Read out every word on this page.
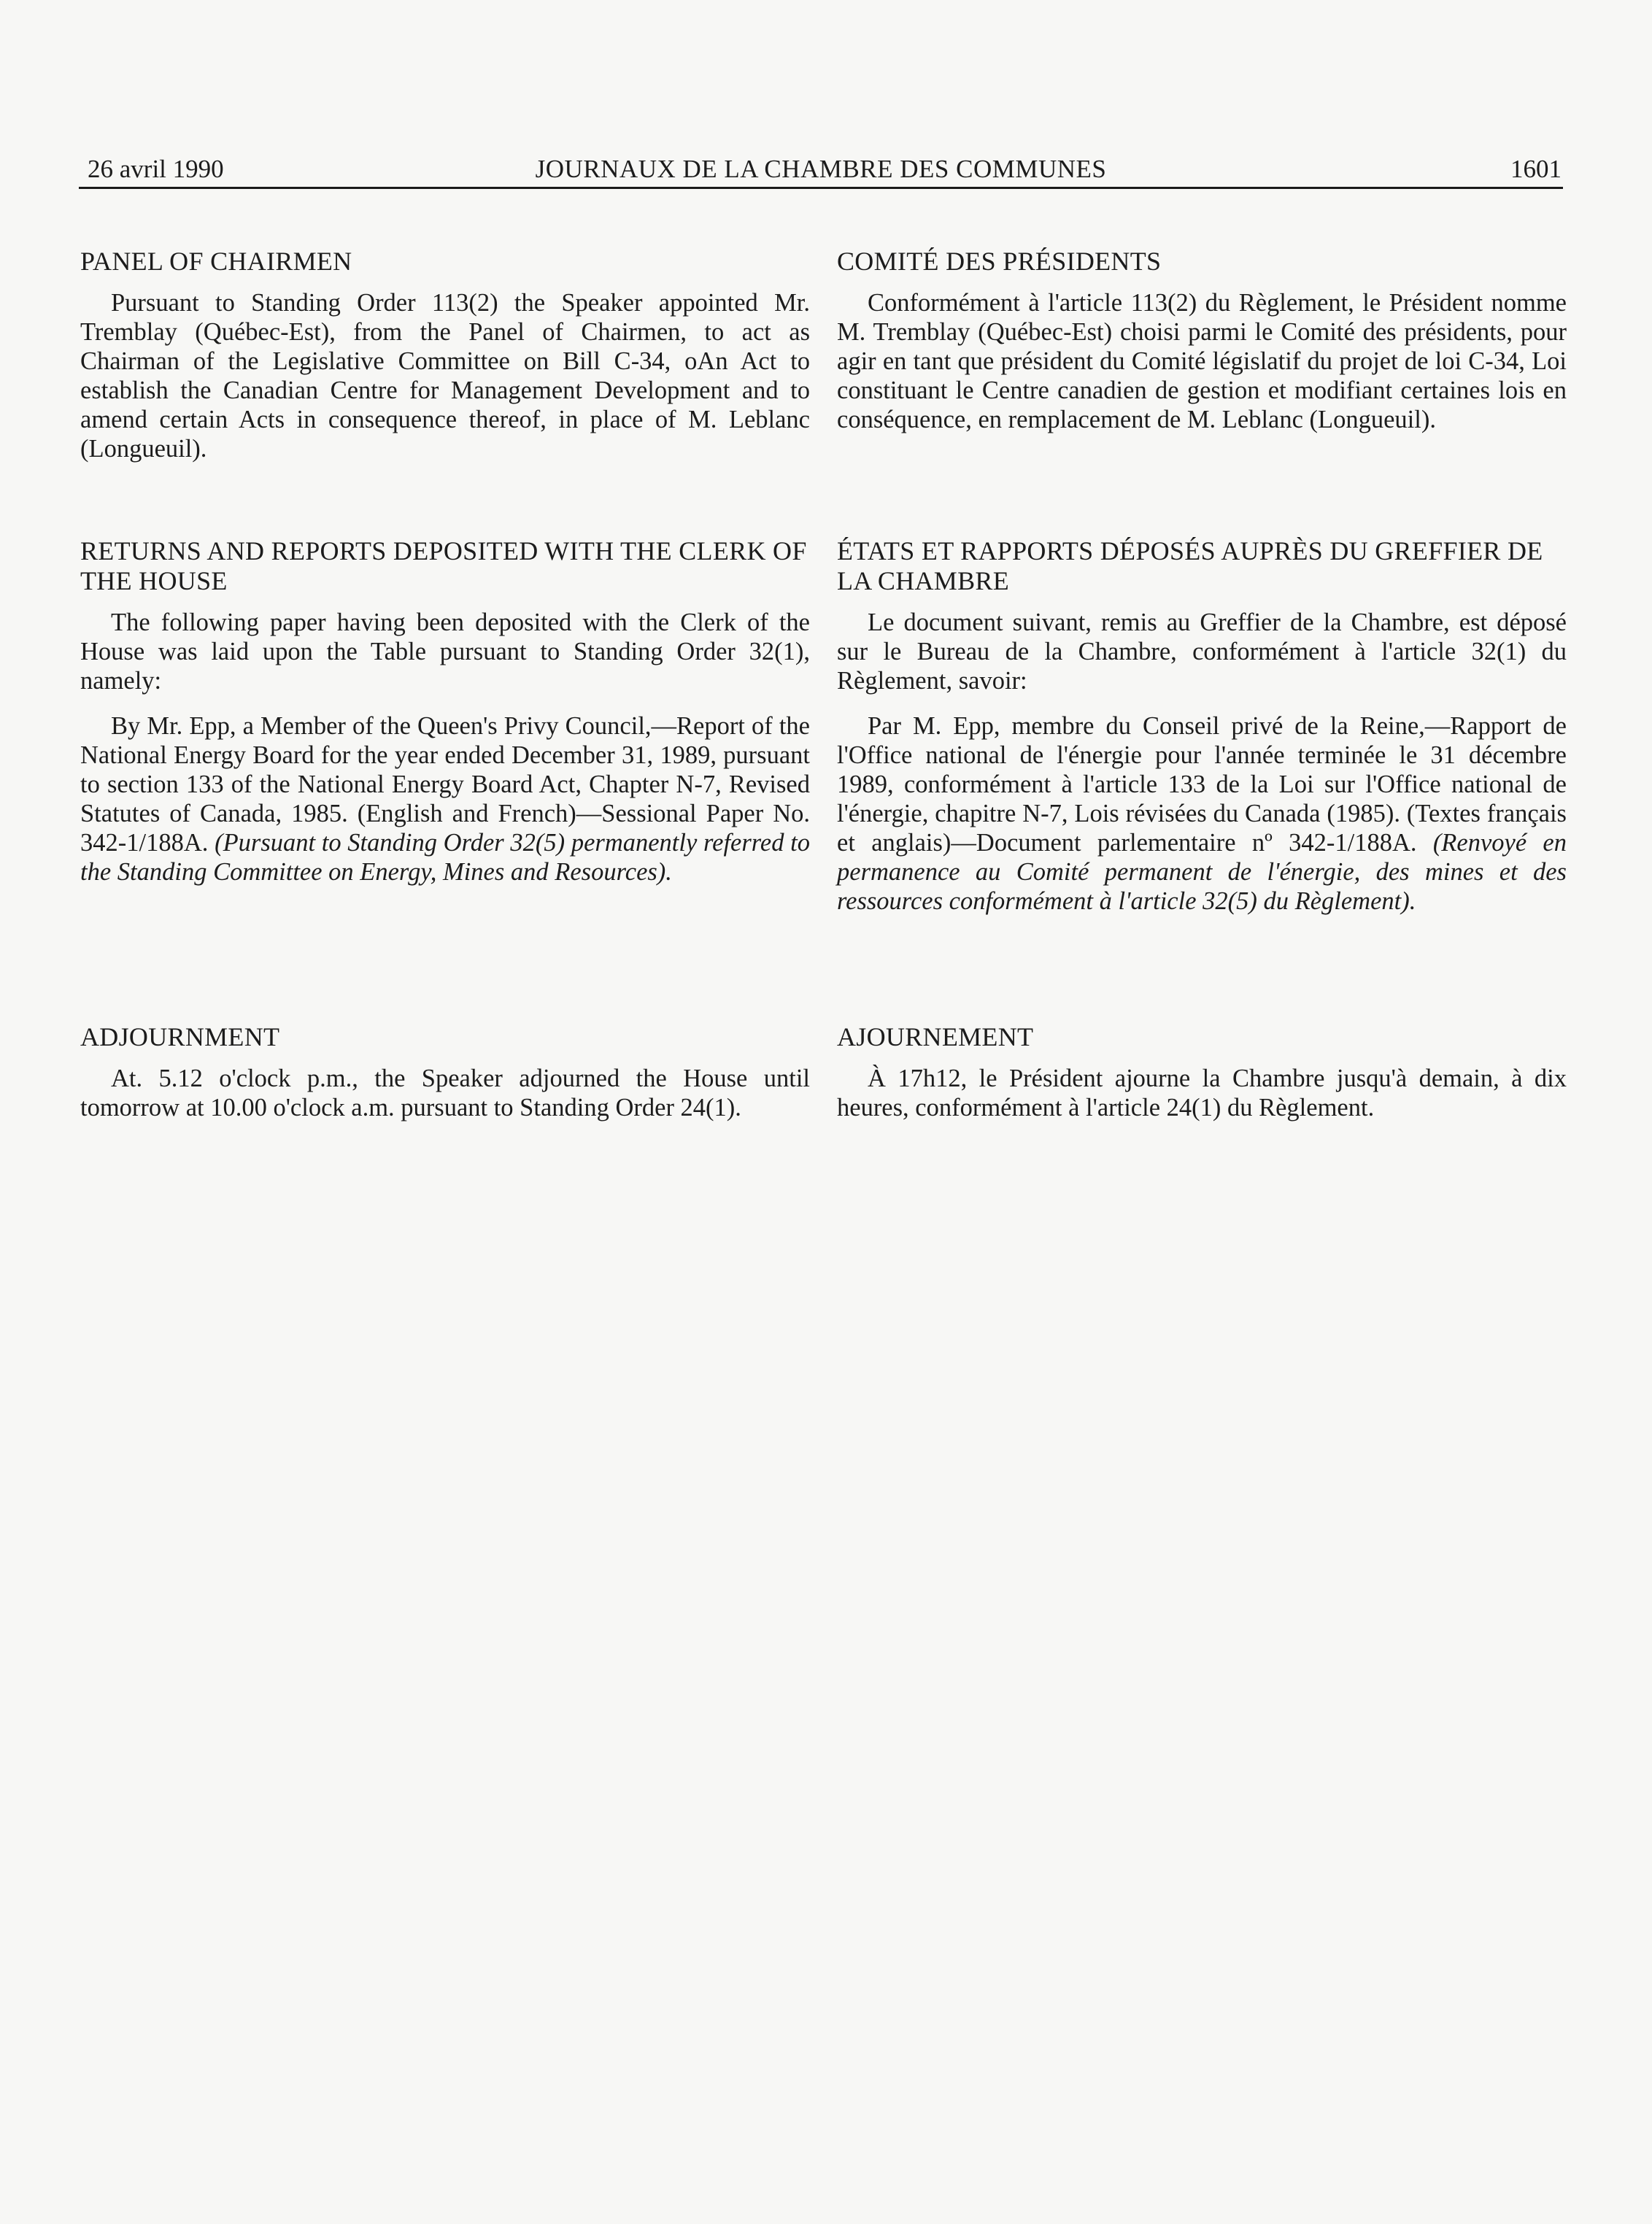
26 avril 1990	JOURNAUX DE LA CHAMBRE DES COMMUNES	1601
PANEL OF CHAIRMEN

Pursuant to Standing Order 113(2) the Speaker appointed Mr. Tremblay (Québec-Est), from the Panel of Chairmen, to act as Chairman of the Legislative Committee on Bill C-34, oAn Act to establish the Canadian Centre for Management Development and to amend certain Acts in consequence thereof, in place of M. Leblanc (Longueuil).

RETURNS AND REPORTS DEPOSITED WITH THE CLERK OF THE HOUSE

The following paper having been deposited with the Clerk of the House was laid upon the Table pursuant to Standing Order 32(1), namely:

By Mr. Epp, a Member of the Queen's Privy Council,—Report of the National Energy Board for the year ended December 31, 1989, pursuant to section 133 of the National Energy Board Act, Chapter N-7, Revised Statutes of Canada, 1985. (English and French)—Sessional Paper No. 342-1/188A. (Pursuant to Standing Order 32(5) permanently referred to the Standing Committee on Energy, Mines and Resources).

ADJOURNMENT

At. 5.12 o'clock p.m., the Speaker adjourned the House until tomorrow at 10.00 o'clock a.m. pursuant to Standing Order 24(1).

COMITÉ DES PRÉSIDENTS

Conformément à l'article 113(2) du Règlement, le Président nomme M. Tremblay (Québec-Est) choisi parmi le Comité des présidents, pour agir en tant que président du Comité législatif du projet de loi C-34, Loi constituant le Centre canadien de gestion et modifiant certaines lois en conséquence, en remplacement de M. Leblanc (Longueuil).

ÉTATS ET RAPPORTS DÉPOSÉS AUPRÈS DU GREFFIER DE LA CHAMBRE

Le document suivant, remis au Greffier de la Chambre, est déposé sur le Bureau de la Chambre, conformément à l'article 32(1) du Règlement, savoir:

Par M. Epp, membre du Conseil privé de la Reine,—Rapport de l'Office national de l'énergie pour l'année terminée le 31 décembre 1989, conformément à l'article 133 de la Loi sur l'Office national de l'énergie, chapitre N-7, Lois révisées du Canada (1985). (Textes français et anglais)—Document parlementaire nº 342-1/188A. (Renvoyé en permanence au Comité permanent de l'énergie, des mines et des ressources conformément à l'article 32(5) du Règlement).

AJOURNEMENT

À 17h12, le Président ajourne la Chambre jusqu'à demain, à dix heures, conformément à l'article 24(1) du Règlement.
